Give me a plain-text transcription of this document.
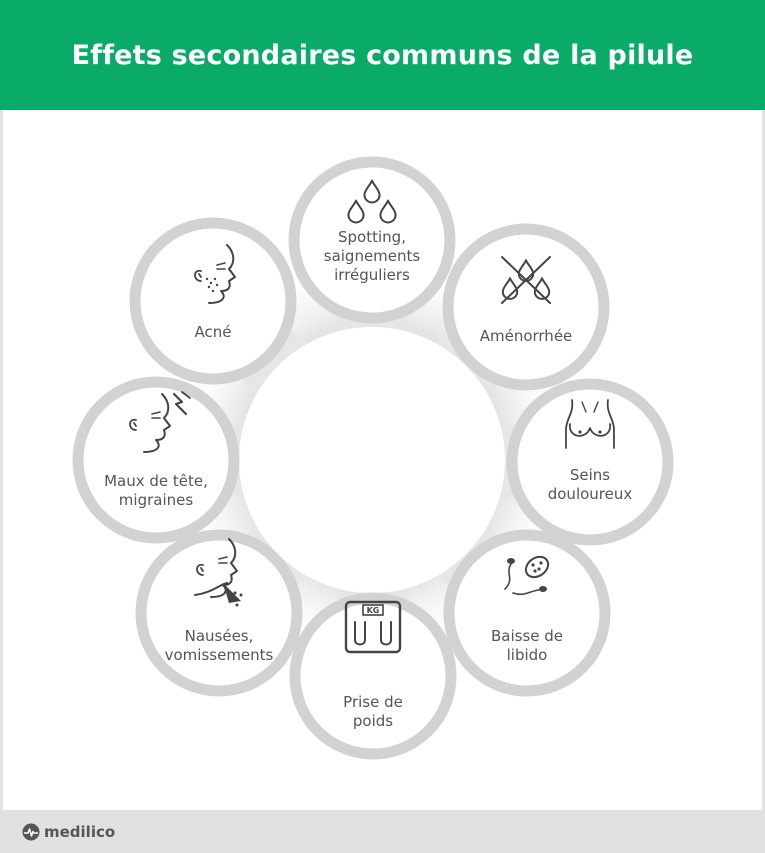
Effets secondaires communs de la pilule
Spotting, saignements irréguliers
Aménorrhée
Seins douloureux
Baisse de libido
KG
Prise de poids
Nausées, vomissements
Maux de tête, migraines
Acné
medilico
